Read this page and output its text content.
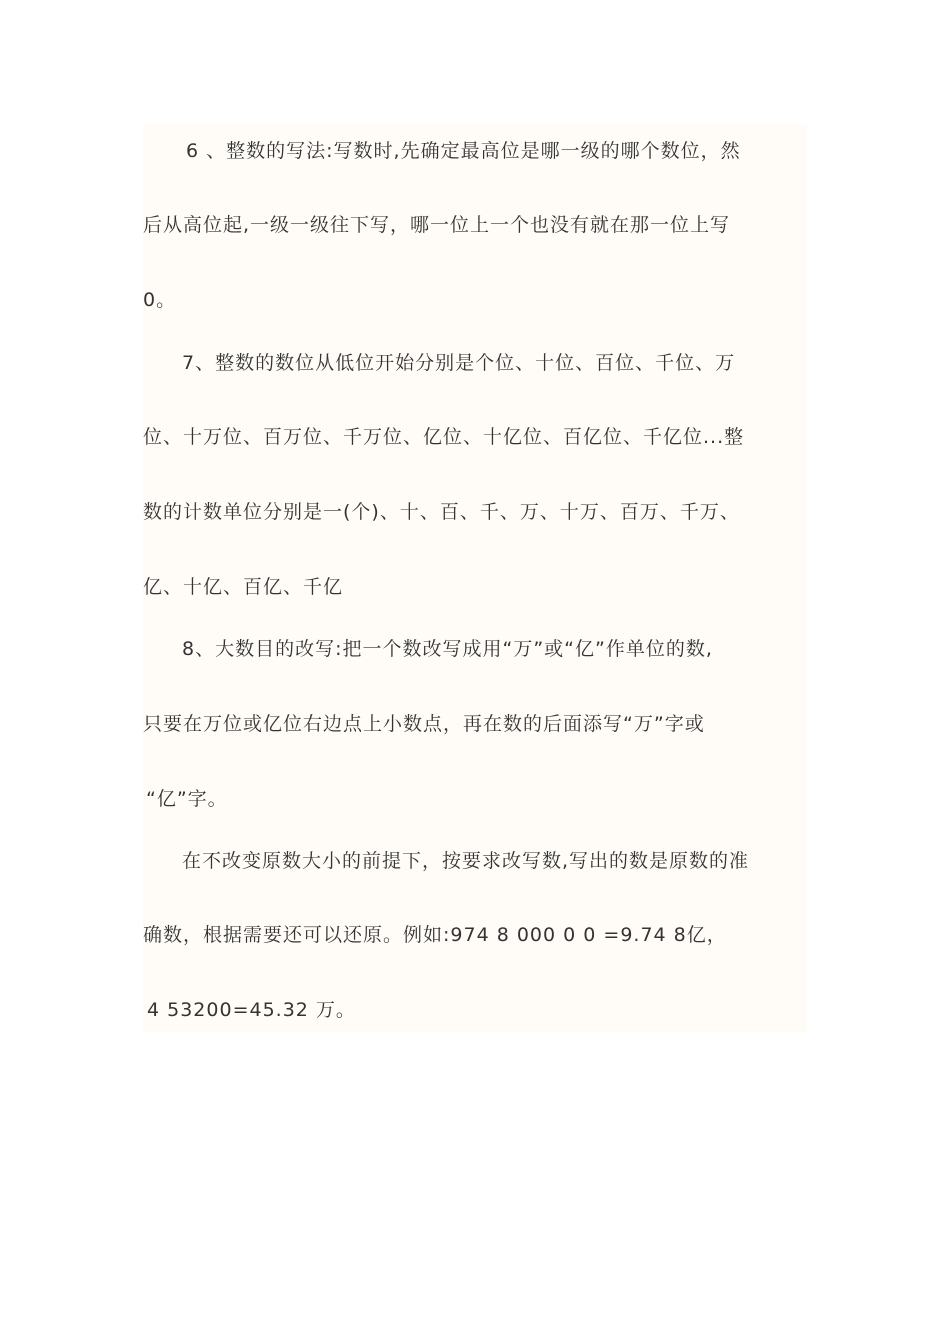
6 、整数的写法:写数时,先确定最高位是哪一级的哪个数位，然
后从高位起,一级一级往下写，哪一位上一个也没有就在那一位上写
0。
7、整数的数位从低位开始分别是个位、十位、百位、千位、万
位、十万位、百万位、千万位、亿位、十亿位、百亿位、千亿位...整
数的计数单位分别是一(个)、十、百、千、万、十万、百万、千万、
亿、十亿、百亿、千亿
8、大数目的改写:把一个数改写成用“万”或“亿”作单位的数,
只要在万位或亿位右边点上小数点，再在数的后面添写“万”字或
“亿”字。
在不改变原数大小的前提下，按要求改写数,写出的数是原数的准
确数，根据需要还可以还原。例如:974 8 000 0 0 =9.74 8亿，
4 53200=45.32 万。
